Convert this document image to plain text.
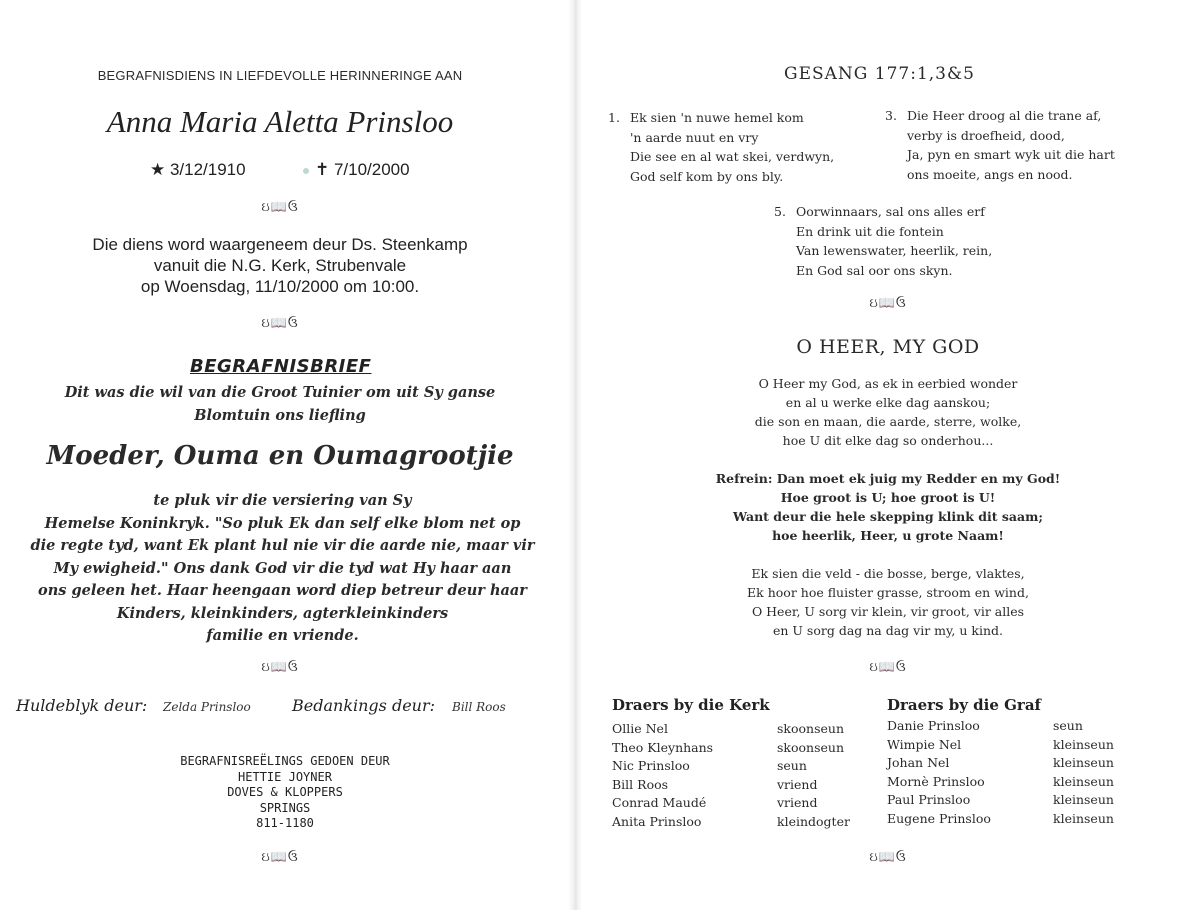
BEGRAFNISDIENS IN LIEFDEVOLLE HERINNERINGE AAN
Anna Maria Aletta Prinsloo
★ 3/12/1910	✝ 7/10/2000
ઇ📖ઉ
Die diens word waargeneem deur Ds. Steenkamp
vanuit die N.G. Kerk, Strubenvale
op Woensdag, 11/10/2000 om 10:00.
ઇ📖ઉ
BEGRAFNISBRIEF
Dit was die wil van die Groot Tuinier om uit Sy ganse
Blomtuin ons liefling
Moeder, Ouma en Oumagrootjie
te pluk vir die versiering van Sy
Hemelse Koninkryk. "So pluk Ek dan self elke blom net op
die regte tyd, want Ek plant hul nie vir die aarde nie, maar vir
My ewigheid." Ons dank God vir die tyd wat Hy haar aan
ons geleen het. Haar heengaan word diep betreur deur haar
Kinders, kleinkinders, agterkleinkinders
familie en vriende.
ઇ📖ઉ
Huldeblyk deur: Zelda Prinsloo	Bedankings deur: Bill Roos
BEGRAFNISREËLINGS GEDOEN DEUR
HETTIE JOYNER
DOVES & KLOPPERS
SPRINGS
811-1180
ઇ📖ઉ
GESANG 177:1,3&5
1. Ek sien 'n nuwe hemel kom
'n aarde nuut en vry
Die see en al wat skei, verdwyn,
God self kom by ons bly.
3. Die Heer droog al die trane af,
verby is droefheid, dood,
Ja, pyn en smart wyk uit die hart
ons moeite, angs en nood.
5. Oorwinnaars, sal ons alles erf
En drink uit die fontein
Van lewenswater, heerlik, rein,
En God sal oor ons skyn.
ઇ📖ઉ
O HEER, MY GOD
O Heer my God, as ek in eerbied wonder
en al u werke elke dag aanskou;
die son en maan, die aarde, sterre, wolke,
hoe U dit elke dag so onderhou...
Refrein: Dan moet ek juig my Redder en my God!
Hoe groot is U; hoe groot is U!
Want deur die hele skepping klink dit saam;
hoe heerlik, Heer, u grote Naam!
Ek sien die veld - die bosse, berge, vlaktes,
Ek hoor hoe fluister grasse, stroom en wind,
O Heer, U sorg vir klein, vir groot, vir alles
en U sorg dag na dag vir my, u kind.
ઇ📖ઉ
Draers by die Kerk
Ollie Nel	skoonseun
Theo Kleynhans	skoonseun
Nic Prinsloo	seun
Bill Roos	vriend
Conrad Maudé	vriend
Anita Prinsloo	kleindogter
Draers by die Graf
Danie Prinsloo	seun
Wimpie Nel	kleinseun
Johan Nel	kleinseun
Mornè Prinsloo	kleinseun
Paul Prinsloo	kleinseun
Eugene Prinsloo	kleinseun
ઇ📖ઉ
